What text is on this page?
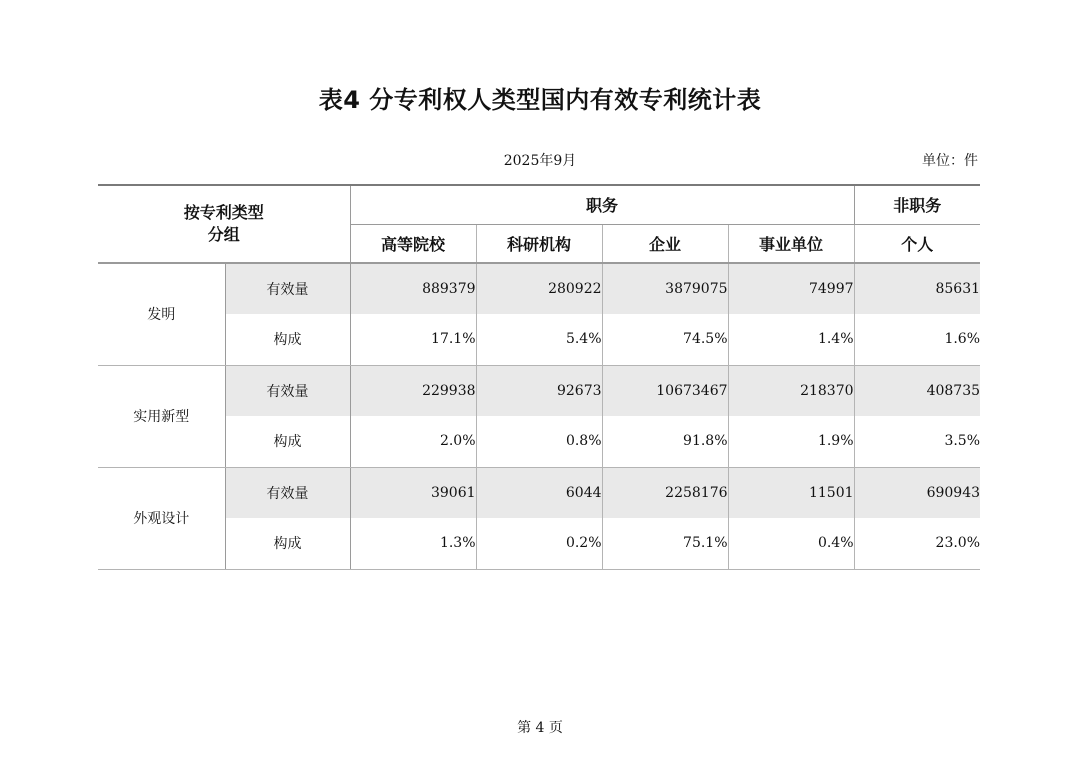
表4 分专利权人类型国内有效专利统计表
2025年9月	单位：件
按专利类型
分组		职务				非职务
		高等院校	科研机构	企业	事业单位	个人
发明	有效量	889379	280922	3879075	74997	85631
	构成	17.1%	5.4%	74.5%	1.4%	1.6%
实用新型	有效量	229938	92673	10673467	218370	408735
	构成	2.0%	0.8%	91.8%	1.9%	3.5%
外观设计	有效量	39061	6044	2258176	11501	690943
	构成	1.3%	0.2%	75.1%	0.4%	23.0%
第 4 页
